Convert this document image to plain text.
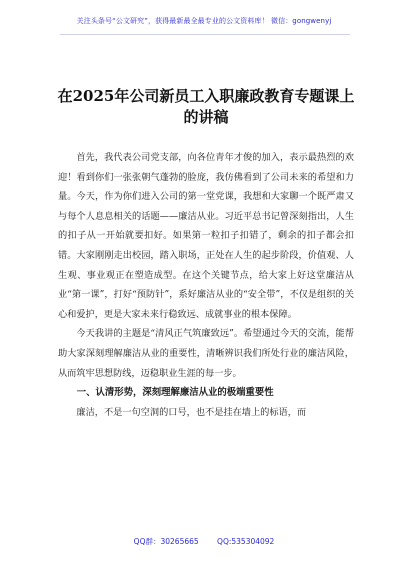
关注头条号“公文研究”，获得最新最全最专业的公文资料库！ 微信：gongwenyj
在2025年公司新员工入职廉政教育专题课上的讲稿

首先，我代表公司党支部，向各位青年才俊的加入，表示最热烈的欢迎！看到你们一张张朝气蓬勃的脸庞，我仿佛看到了公司未来的希望和力量。今天，作为你们进入公司的第一堂党课，我想和大家聊一个既严肃又与每个人息息相关的话题——廉洁从业。习近平总书记曾深刻指出，人生的扣子从一开始就要扣好。如果第一粒扣子扣错了，剩余的扣子都会扣错。大家刚刚走出校园，踏入职场，正处在人生的起步阶段，价值观、人生观、事业观正在塑造成型。在这个关键节点，给大家上好这堂廉洁从业“第一课”，打好“预防针”，系好廉洁从业的“安全带”，不仅是组织的关心和爱护，更是大家未来行稳致远、成就事业的根本保障。

今天我讲的主题是“清风正气筑廉致远”。希望通过今天的交流，能帮助大家深刻理解廉洁从业的重要性，清晰辨识我们所处行业的廉洁风险，从而筑牢思想防线，迈稳职业生涯的每一步。

一、认清形势，深刻理解廉洁从业的极端重要性

廉洁，不是一句空洞的口号，也不是挂在墙上的标语，而

QQ群：30265665 QQ:535304092
